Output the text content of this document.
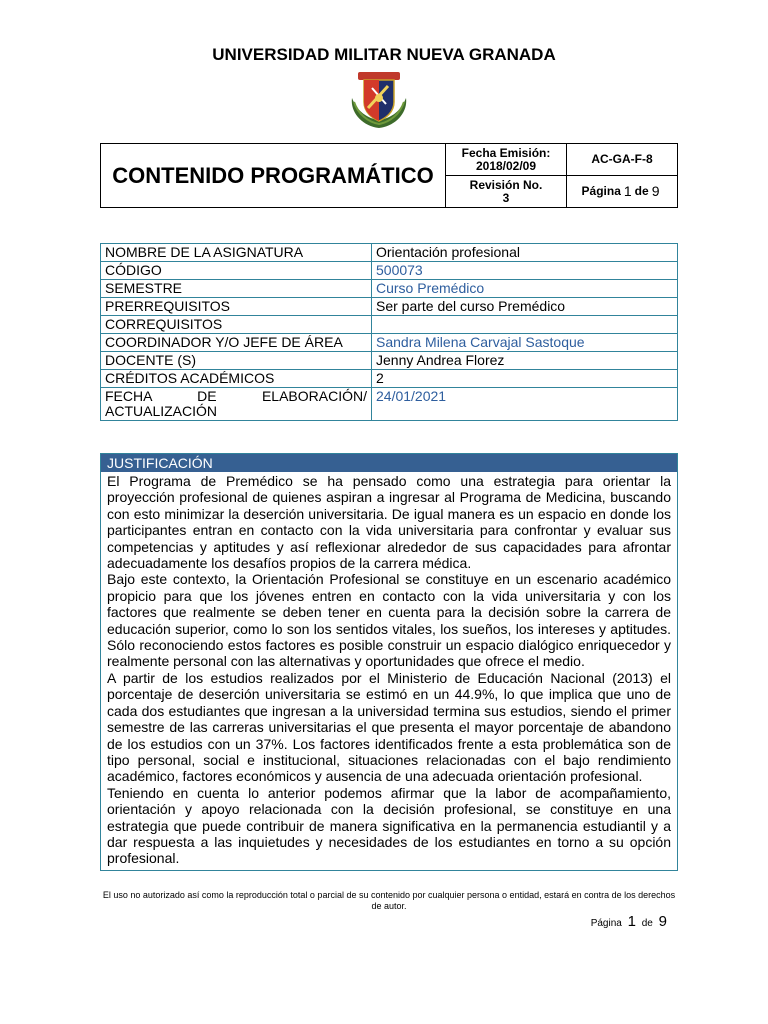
UNIVERSIDAD MILITAR NUEVA GRANADA
CONTENIDO PROGRAMÁTICO
Fecha Emisión:
2018/02/09	AC-GA-F-8
Revisión No.
3	Página 1 de 9
NOMBRE DE LA ASIGNATURA	Orientación profesional
CÓDIGO	500073
SEMESTRE	Curso Premédico
PRERREQUISITOS	Ser parte del curso Premédico
CORREQUISITOS	
COORDINADOR Y/O JEFE DE ÁREA	Sandra Milena Carvajal Sastoque
DOCENTE (S)	Jenny Andrea Florez
CRÉDITOS ACADÉMICOS	2
FECHA DE ELABORACIÓN/ ACTUALIZACIÓN	24/01/2021
JUSTIFICACIÓN

El Programa de Premédico se ha pensado como una estrategia para orientar la proyección profesional de quienes aspiran a ingresar al Programa de Medicina, buscando con esto minimizar la deserción universitaria. De igual manera es un espacio en donde los participantes entran en contacto con la vida universitaria para confrontar y evaluar sus competencias y aptitudes y así reflexionar alrededor de sus capacidades para afrontar adecuadamente los desafíos propios de la carrera médica.

Bajo este contexto, la Orientación Profesional se constituye en un escenario académico propicio para que los jóvenes entren en contacto con la vida universitaria y con los factores que realmente se deben tener en cuenta para la decisión sobre la carrera de educación superior, como lo son los sentidos vitales, los sueños, los intereses y aptitudes. Sólo reconociendo estos factores es posible construir un espacio dialógico enriquecedor y realmente personal con las alternativas y oportunidades que ofrece el medio.

A partir de los estudios realizados por el Ministerio de Educación Nacional (2013) el porcentaje de deserción universitaria se estimó en un 44.9%, lo que implica que uno de cada dos estudiantes que ingresan a la universidad termina sus estudios, siendo el primer semestre de las carreras universitarias el que presenta el mayor porcentaje de abandono de los estudios con un 37%. Los factores identificados frente a esta problemática son de tipo personal, social e institucional, situaciones relacionadas con el bajo rendimiento académico, factores económicos y ausencia de una adecuada orientación profesional.

Teniendo en cuenta lo anterior podemos afirmar que la labor de acompañamiento, orientación y apoyo relacionada con la decisión profesional, se constituye en una estrategia que puede contribuir de manera significativa en la permanencia estudiantil y a dar respuesta a las inquietudes y necesidades de los estudiantes en torno a su opción profesional.

El uso no autorizado así como la reproducción total o parcial de su contenido por cualquier persona o entidad, estará en contra de los derechos de autor.
Página 1 de 9
